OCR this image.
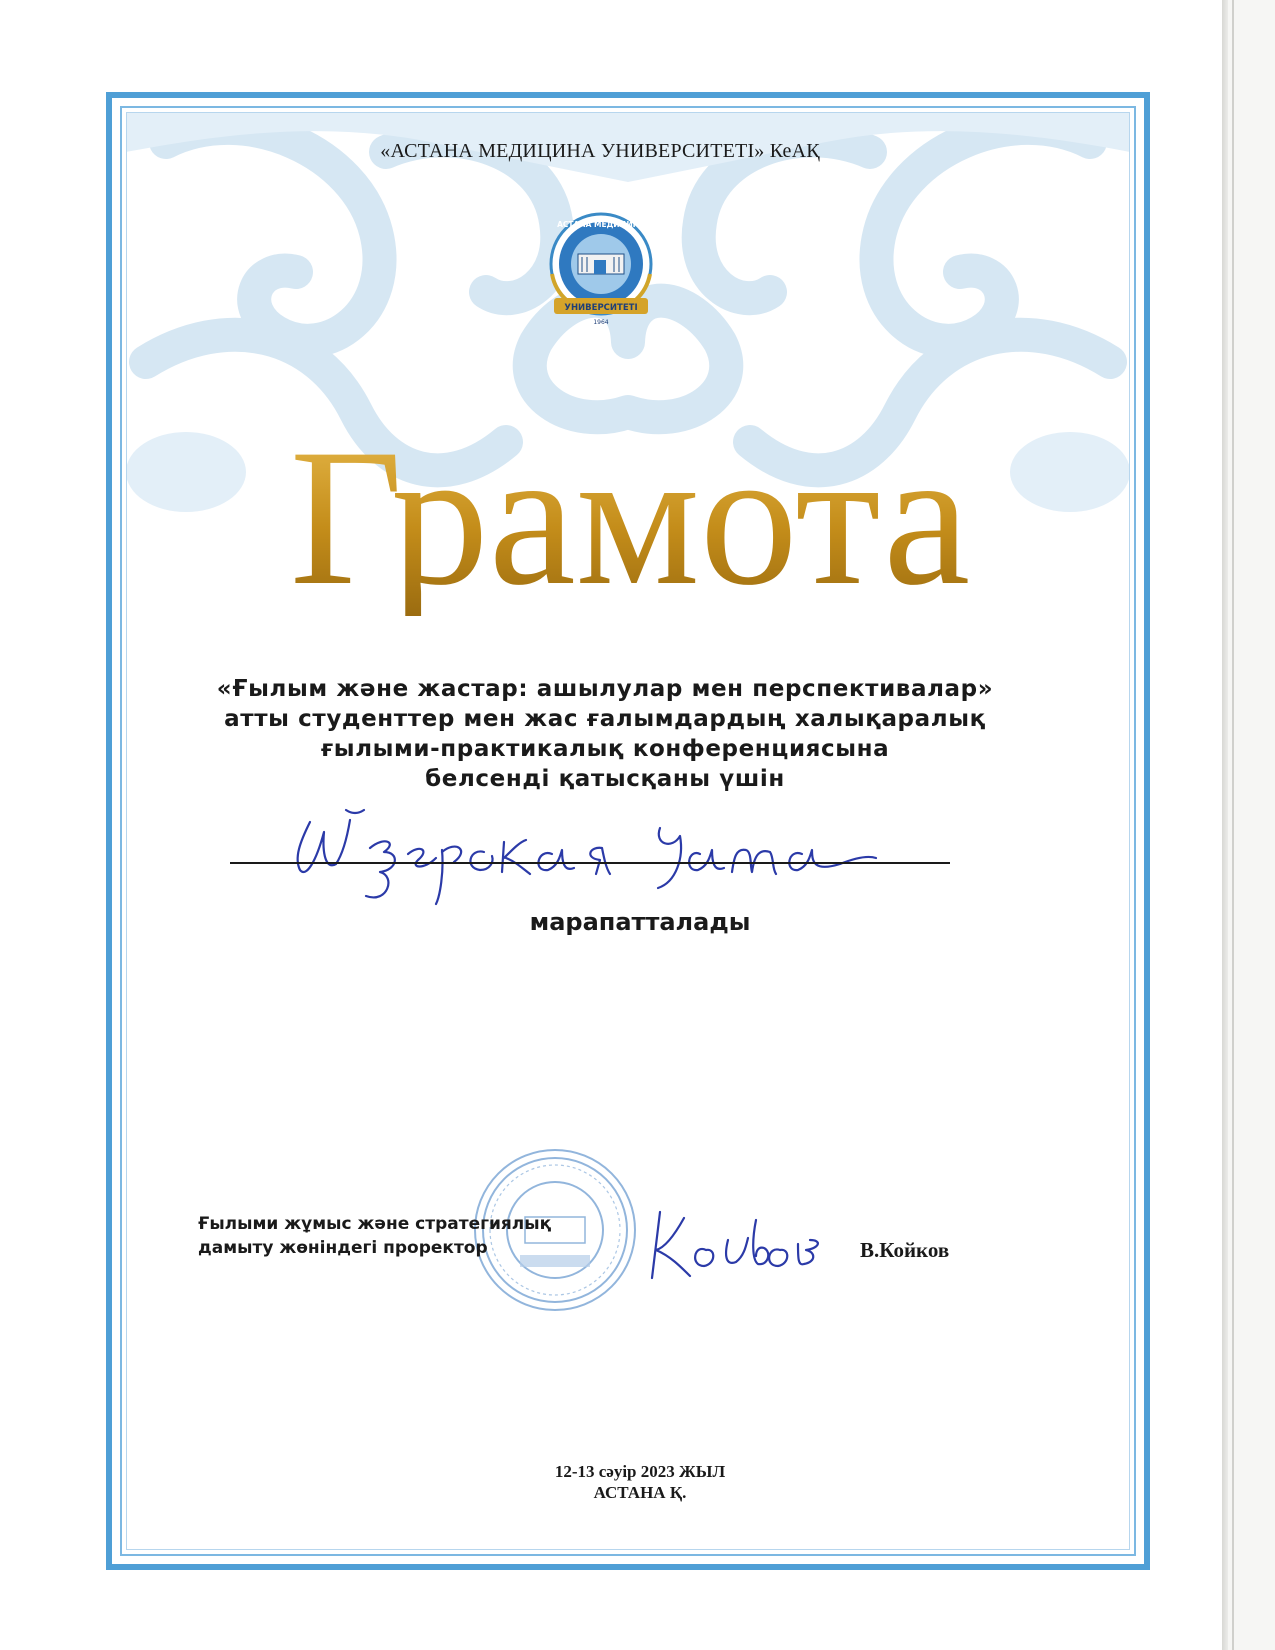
«АСТАНА МЕДИЦИНА УНИВЕРСИТЕТІ» КеАҚ
УНИВЕРСИТЕТІ
АСТАНА МЕДИЦИНА
1964
Грамота
«Ғылым және жастар: ашылулар мен перспективалар»
атты студенттер мен жас ғалымдардың халықаралық
ғылыми-практикалық конференциясына
белсенді қатысқаны үшін
марапатталады
Ғылыми жұмыс және стратегиялық
дамыту жөніндегі проректор	В.Койков
12-13 сәуір 2023 ЖЫЛ
АСТАНА Қ.
